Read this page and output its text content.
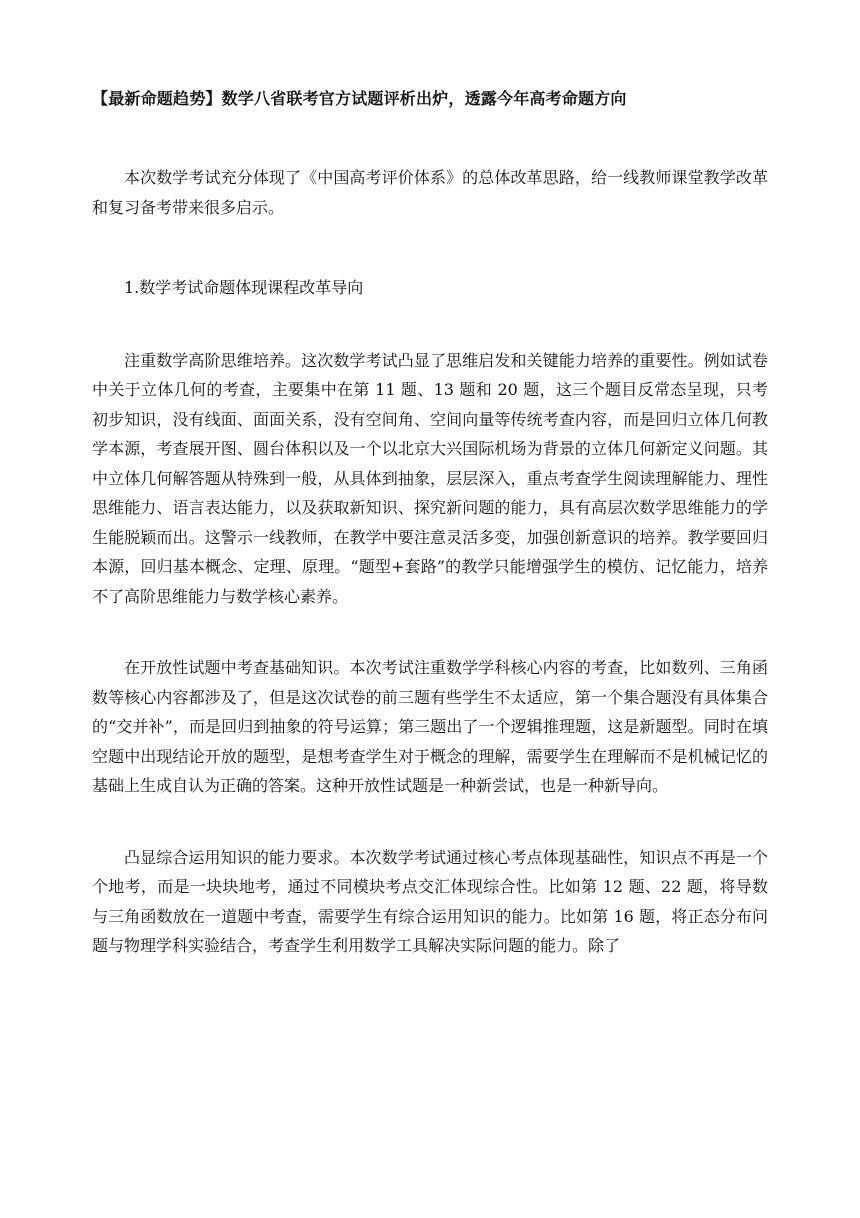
【最新命题趋势】数学八省联考官方试题评析出炉，透露今年高考命题方向

本次数学考试充分体现了《中国高考评价体系》的总体改革思路，给一线教师课堂教学改革和复习备考带来很多启示。

1.数学考试命题体现课程改革导向

注重数学高阶思维培养。这次数学考试凸显了思维启发和关键能力培养的重要性。例如试卷中关于立体几何的考查，主要集中在第 11 题、13 题和 20 题，这三个题目反常态呈现，只考初步知识，没有线面、面面关系，没有空间角、空间向量等传统考查内容，而是回归立体几何教学本源，考查展开图、圆台体积以及一个以北京大兴国际机场为背景的立体几何新定义问题。其中立体几何解答题从特殊到一般，从具体到抽象，层层深入，重点考查学生阅读理解能力、理性思维能力、语言表达能力，以及获取新知识、探究新问题的能力，具有高层次数学思维能力的学生能脱颖而出。这警示一线教师，在教学中要注意灵活多变，加强创新意识的培养。教学要回归本源，回归基本概念、定理、原理。“题型+套路”的教学只能增强学生的模仿、记忆能力，培养不了高阶思维能力与数学核心素养。

在开放性试题中考查基础知识。本次考试注重数学学科核心内容的考查，比如数列、三角函数等核心内容都涉及了，但是这次试卷的前三题有些学生不太适应，第一个集合题没有具体集合的“交并补”，而是回归到抽象的符号运算；第三题出了一个逻辑推理题，这是新题型。同时在填空题中出现结论开放的题型，是想考查学生对于概念的理解，需要学生在理解而不是机械记忆的基础上生成自认为正确的答案。这种开放性试题是一种新尝试，也是一种新导向。

凸显综合运用知识的能力要求。本次数学考试通过核心考点体现基础性，知识点不再是一个个地考，而是一块块地考，通过不同模块考点交汇体现综合性。比如第 12 题、22 题，将导数与三角函数放在一道题中考查，需要学生有综合运用知识的能力。比如第 16 题，将正态分布问题与物理学科实验结合，考查学生利用数学工具解决实际问题的能力。除了
